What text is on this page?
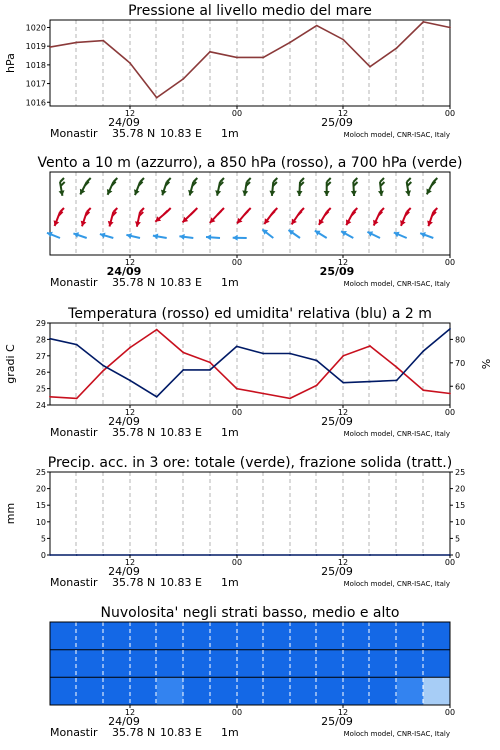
Pressione al livello medio del mare
1016
1017
1018
1019
1020
hPa
12	00	12	00
24/09	25/09
Monastir 35.78 N 10.83 E 1m	Moloch model, CNR-ISAC, Italy
Vento a 10 m (azzurro), a 850 hPa (rosso), a 700 hPa (verde)
12	00	12	00
24/09	25/09
Monastir 35.78 N 10.83 E 1m	Moloch model, CNR-ISAC, Italy
Temperatura (rosso) ed umidita' relativa (blu) a 2 m
24
25
26
27
28
29
gradi C
60
70
80
%
12	00	12	00
24/09	25/09
Monastir 35.78 N 10.83 E 1m	Moloch model, CNR-ISAC, Italy
Precip. acc. in 3 ore: totale (verde), frazione solida (tratt.)
0
5
10
15
20
25
mm
0
5
10
15
20
25
12	00	12	00
24/09	25/09
Monastir 35.78 N 10.83 E 1m	Moloch model, CNR-ISAC, Italy
Nuvolosita' negli strati basso, medio e alto
12	00	12	00
24/09	25/09
Monastir 35.78 N 10.83 E 1m	Moloch model, CNR-ISAC, Italy
